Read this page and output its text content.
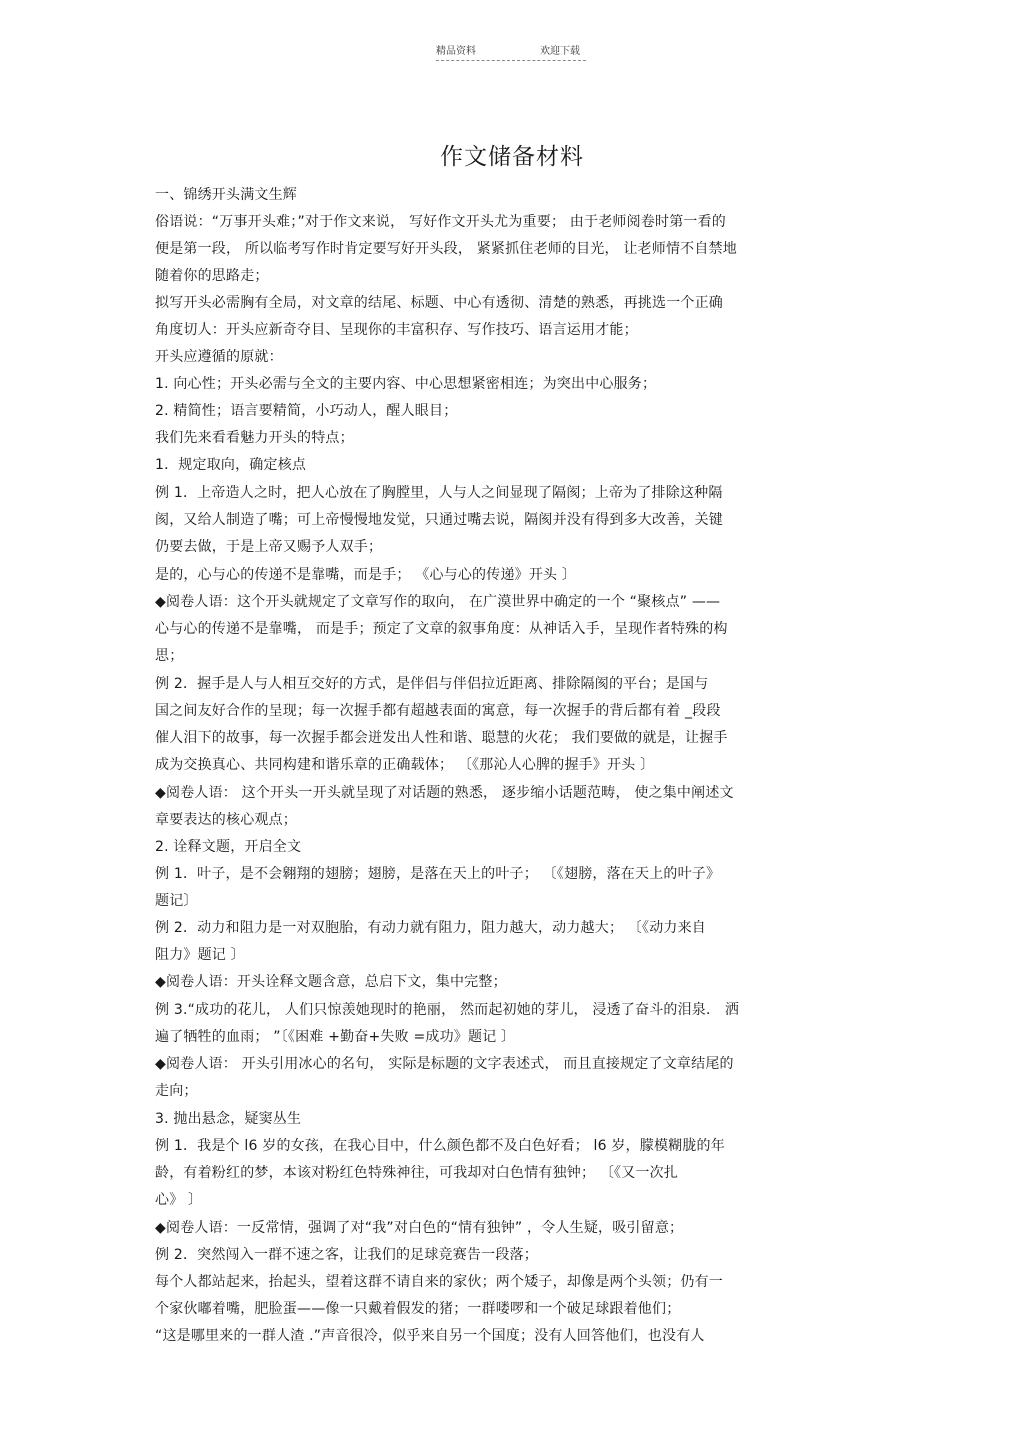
精品资料	欢迎下载
作文储备材料
一、锦绣开头满文生辉
俗语说：“万事开头难；”对于作文来说， 写好作文开头尤为重要； 由于老师阅卷时第一看的
便是第一段， 所以临考写作时肯定要写好开头段， 紧紧抓住老师的目光， 让老师情不自禁地
随着你的思路走；
拟写开头必需胸有全局，对文章的结尾、标题、中心有透彻、清楚的熟悉，再挑选一个正确
角度切人：开头应新奇夺目、呈现你的丰富积存、写作技巧、语言运用才能；
开头应遵循的原就：
1. 向心性；开头必需与全文的主要内容、中心思想紧密相连；为突出中心服务；
2. 精简性；语言要精简，小巧动人，醒人眼目；
我们先来看看魅力开头的特点；
1．规定取向，确定核点
例 1．上帝造人之时，把人心放在了胸膛里，人与人之间显现了隔阂；上帝为了排除这种隔
阂，又给人制造了嘴；可上帝慢慢地发觉，只通过嘴去说，隔阂并没有得到多大改善，关键
仍要去做，于是上帝又赐予人双手；
是的，心与心的传递不是靠嘴，而是手； 《心与心的传递》开头 〕
◆阅卷人语：这个开头就规定了文章写作的取向， 在广漠世界中确定的一个 “聚核点” ——
心与心的传递不是靠嘴， 而是手；预定了文章的叙事角度：从神话入手，呈现作者特殊的构
思；
例 2．握手是人与人相互交好的方式，是伴侣与伴侣拉近距离、排除隔阂的平台；是国与
国之间友好合作的呈现；每一次握手都有超越表面的寓意，每一次握手的背后都有着 _段段
催人泪下的故事，每一次握手都会迸发出人性和谐、聪慧的火花； 我们要做的就是，让握手
成为交换真心、共同构建和谐乐章的正确载体； 〔《那沁人心脾的握手》开头 〕
◆阅卷人语： 这个开头一开头就呈现了对话题的熟悉， 逐步缩小话题范畴， 使之集中阐述文
章要表达的核心观点；
2. 诠释文题，开启全文
例 1．叶子，是不会翱翔的翅膀；翅膀，是落在天上的叶子； 〔《翅膀，落在天上的叶子》
题记〕
例 2．动力和阻力是一对双胞胎，有动力就有阻力，阻力越大，动力越大； 〔《动力来自
阻力》题记 〕
◆阅卷人语：开头诠释文题含意，总启下文，集中完整；
例 3.“成功的花儿， 人们只惊羡她现时的艳丽， 然而起初她的芽儿， 浸透了奋斗的泪泉． 洒
遍了牺牲的血雨； ”〔《困难 +勤奋+失败 =成功》题记 〕
◆阅卷人语： 开头引用冰心的名句， 实际是标题的文字表述式， 而且直接规定了文章结尾的
走向；
3. 抛出悬念，疑窦丛生
例 1．我是个 l6 岁的女孩，在我心目中，什么颜色都不及白色好看； l6 岁，朦模糊胧的年
龄，有着粉红的梦，本该对粉红色特殊神往，可我却对白色情有独钟； 〔《又一次扎
心》 〕
◆阅卷人语：一反常情，强调了对“我”对白色的“情有独钟” ，令人生疑，吸引留意；
例 2．突然闯入一群不速之客，让我们的足球竞赛告一段落；
每个人都站起来，抬起头，望着这群不请自来的家伙；两个矮子，却像是两个头领；仍有一
个家伙嘟着嘴，肥脸蛋——像一只戴着假发的猪；一群喽啰和一个破足球跟着他们；
“这是哪里来的一群人渣 .”声音很冷，似乎来自另一个国度；没有人回答他们，也没有人
